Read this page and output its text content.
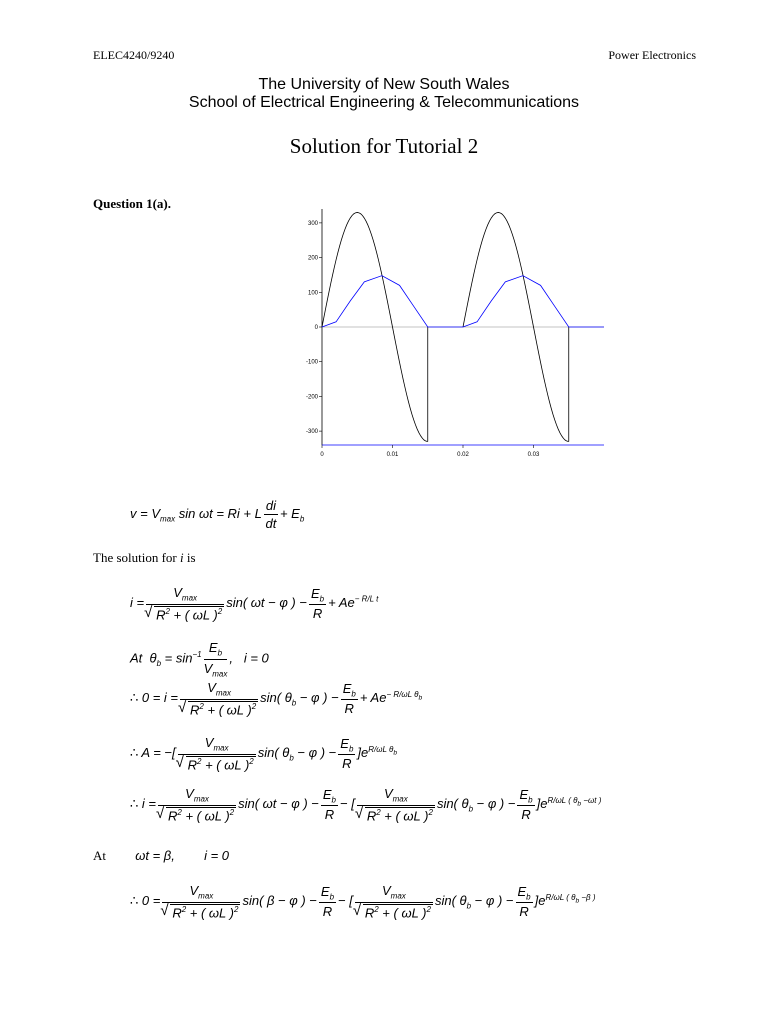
ELEC4240/9240	Power Electronics
The University of New South Wales
School of Electrical Engineering & Telecommunications
Solution for Tutorial 2
Question 1(a).
300
200
100
0
-100
-200
-300
0	0.01	0.02	0.03
$v = V_{max}$ sin ωt = Ri + L $\frac{di}{dt} + E_b$
The solution for i is
$i = V_{max}$
√ $R^2$ + ( ωL )$^2$ sin( ωt − φ ) − $\frac{E_b}{R} + Ae^{- R/L t}$
At  $\theta_b = \sin^{-1} \frac{E_b}{V_{max}}$ ,   i = 0
∴ $0 = i = V_{max}$
√ $R^2$ + ( ωL )$^2$ sin( $\theta_b - \varphi$ ) − $\frac{E_b}{R} + Ae^{- R/\omega L \theta_b}$
∴ A = −[ $V_{max}$
√ $R^2$ + ( ωL )$^2$ sin( $\theta_b - \varphi$ ) − $\frac{E_b}{R} ]e^{R/\omega L \theta_b}$
∴ $i = V_{max}$
√ $R^2$ + ( ωL )$^2$ sin( ωt − φ ) − $\frac{E_b}{R}$ − [ $V_{max}$
√ $R^2$ + ( ωL )$^2$ sin( $\theta_b - \varphi$ ) − $\frac{E_b}{R} ]e^{R/\omega L ( \theta_b -\omega t )}$
At ωt = β, i = 0
∴ $0 = V_{max}$
√ $R^2$ + ( ωL )$^2$ sin( β − φ ) − $\frac{E_b}{R}$ − [ $V_{max}$
√ $R^2$ + ( ωL )$^2$ sin( $\theta_b - \varphi$ ) − $\frac{E_b}{R} ]e^{R/\omega L ( \theta_b -\beta )}$
